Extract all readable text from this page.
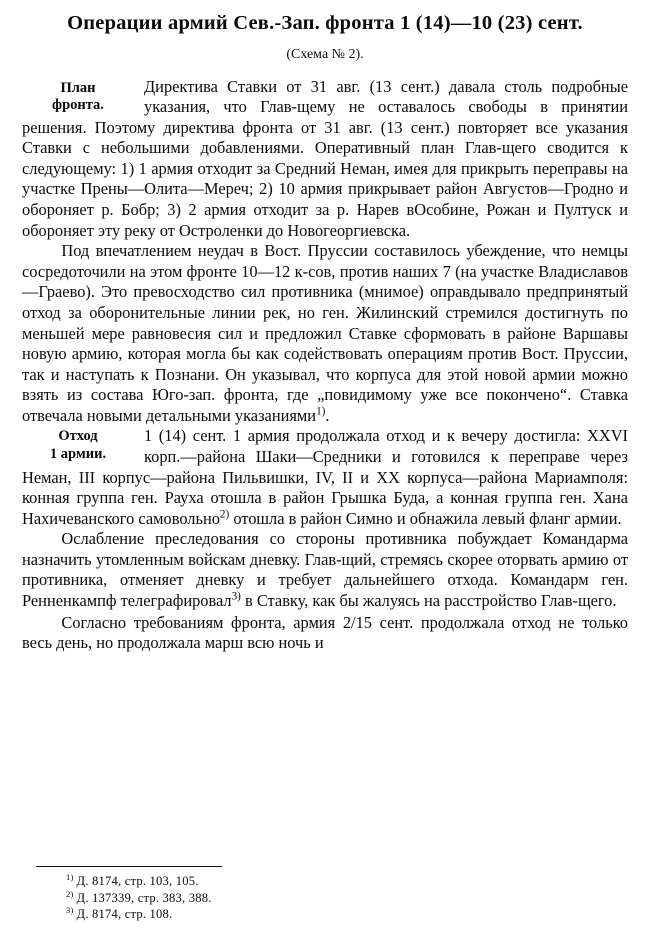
Операции армий Сев.-Зап. фронта 1 (14)—10 (23) сент.
(Схема № 2).
План
фронта.

Директива Ставки от 31 авг. (13 сент.) давала столь подробные указания, что Глав-щему не оставалось свободы в принятии решения. Поэтому директива фронта от 31 авг. (13 сент.) повторяет все указания Ставки с небольшими добавлениями. Оперативный план Глав-щего сводится к следующему: 1) 1 армия отходит за Средний Неман, имея для прикрыть переправы на участке Прены—Олита—Мереч; 2) 10 армия прикрывает район Августов—Гродно и обороняет р. Бобр; 3) 2 армия отходит за р. Нарев вОсобине, Рожан и Пултуск и обороняет эту реку от Остроленки до Новогеоргиевска.

Под впечатлением неудач в Вост. Пруссии составилось убеждение, что немцы сосредоточили на этом фронте 10—12 к-сов, против наших 7 (на участке Владиславов—Граево). Это превосходство сил противника (мнимое) оправдывало предпринятый отход за оборонительные линии рек, но ген. Жилинский стремился достигнуть по меньшей мере равновесия сил и предложил Ставке сформовать в районе Варшавы новую армию, которая могла бы как содействовать операциям против Вост. Пруссии, так и наступать к Познани. Он указывал, что корпуса для этой новой армии можно взять из состава Юго-зап. фронта, где „повидимому уже все покончено“. Ставка отвечала новыми детальными указаниями$^{1)}$.

Отход
1 армии.

1 (14) сент. 1 армия продолжала отход и к вечеру достигла: XXVI корп.—района Шаки—Средники и готовился к переправе через Неман, III корпус—района Пильвишки, IV, II и XX корпуса—района Мариамполя: конная группа ген. Рауха отошла в район Грышка Буда, а конная группа ген. Хана Нахичеванского самовольно$^{2)}$ отошла в район Симно и обнажила левый фланг армии.

Ослабление преследования со стороны противника побуждает Командарма назначить утомленным войскам дневку. Глав-щий, стремясь скорее оторвать армию от противника, отменяет дневку и требует дальнейшего отхода. Командарм ген. Ренненкампф телеграфировал$^{3)}$ в Ставку, как бы жалуясь на расстройство Глав-щего.

Согласно требованиям фронта, армия 2/15 сент. продолжала отход не только весь день, но продолжала марш всю ночь и

$^{1)}$ Д. 8174, стр. 103, 105.
$^{2)}$ Д. 137339, стр. 383, 388.
$^{3)}$ Д. 8174, стр. 108.
